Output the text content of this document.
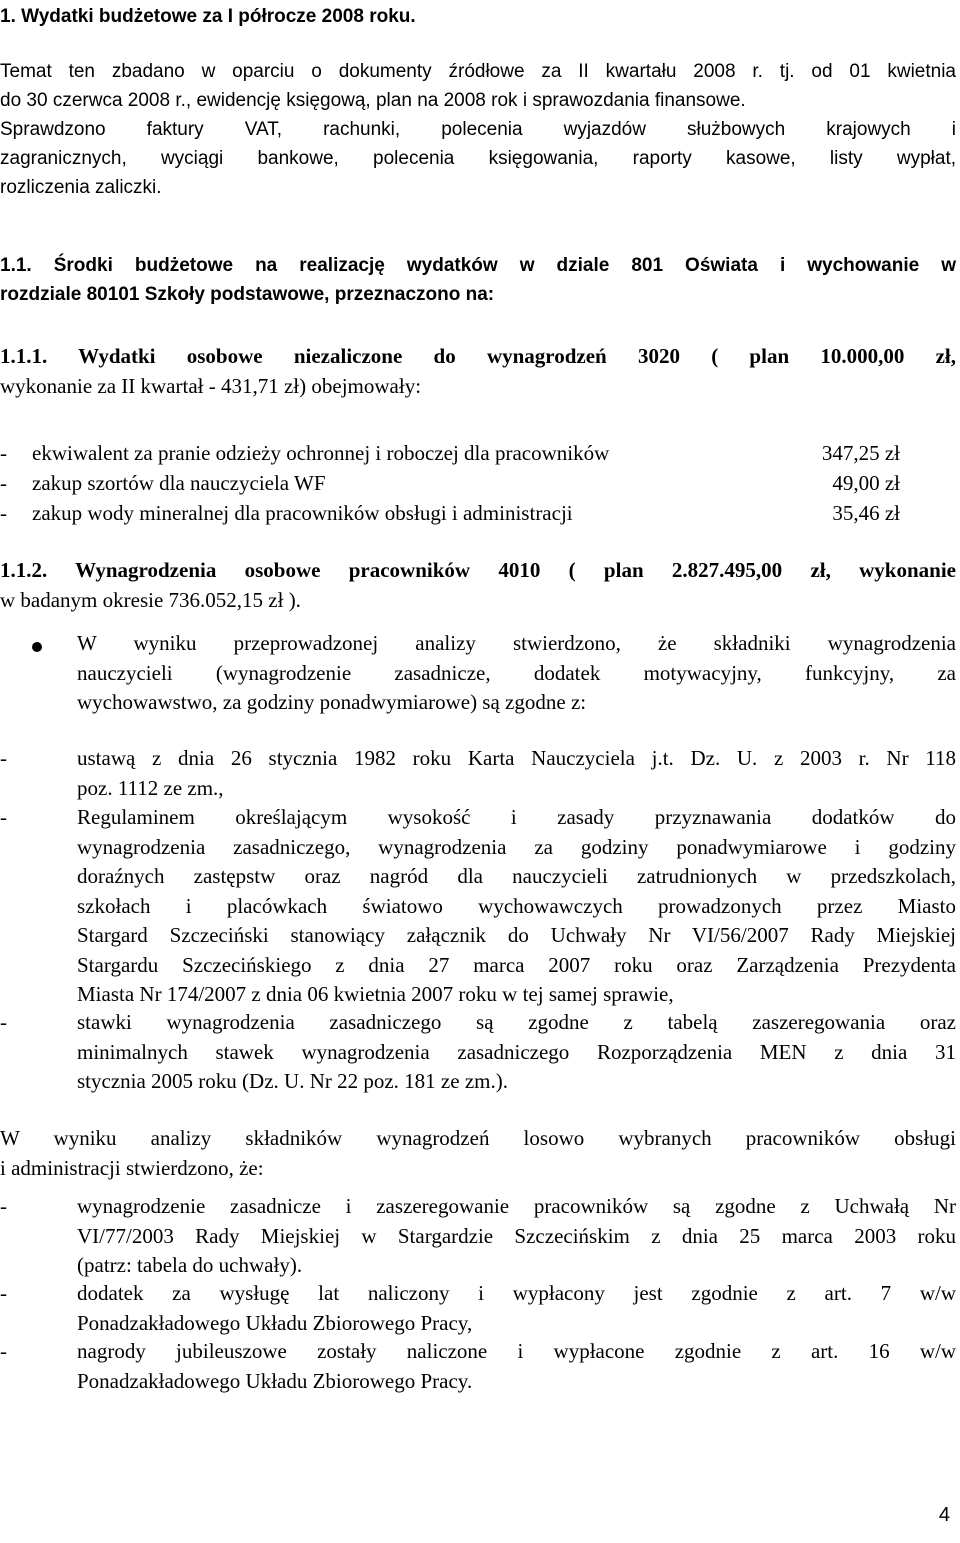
1. Wydatki budżetowe za I półrocze 2008 roku.
Temat ten zbadano w oparciu o dokumenty źródłowe za II kwartału 2008 r. tj. od 01 kwietnia
do 30 czerwca 2008 r., ewidencję księgową, plan na 2008 rok i sprawozdania finansowe.
Sprawdzono faktury VAT, rachunki, polecenia wyjazdów służbowych krajowych i
zagranicznych, wyciągi bankowe, polecenia księgowania, raporty kasowe, listy wypłat,
rozliczenia zaliczki.
1.1. Środki budżetowe na realizację wydatków w dziale 801 Oświata i wychowanie w
rozdziale 80101 Szkoły podstawowe, przeznaczono na:
1.1.1. Wydatki osobowe niezaliczone do wynagrodzeń 3020 ( plan 10.000,00 zł,
wykonanie za II kwartał - 431,71 zł) obejmowały:
- ekwiwalent za pranie odzieży ochronnej i roboczej dla pracowników	347,25 zł
- zakup szortów dla nauczyciela WF	49,00 zł
- zakup wody mineralnej dla pracowników obsługi i administracji	35,46 zł
1.1.2. Wynagrodzenia osobowe pracowników 4010 ( plan 2.827.495,00 zł, wykonanie
w badanym okresie 736.052,15 zł ).
W wyniku przeprowadzonej analizy stwierdzono, że składniki wynagrodzenia
nauczycieli (wynagrodzenie zasadnicze, dodatek motywacyjny, funkcyjny, za
wychowawstwo, za godziny ponadwymiarowe) są zgodne z:
-	ustawą z dnia 26 stycznia 1982 roku Karta Nauczyciela j.t. Dz. U. z 2003 r. Nr 118
poz. 1112 ze zm.,
-	Regulaminem określającym wysokość i zasady przyznawania dodatków do
wynagrodzenia zasadniczego, wynagrodzenia za godziny ponadwymiarowe i godziny
doraźnych zastępstw oraz nagród dla nauczycieli zatrudnionych w przedszkolach,
szkołach i placówkach światowo wychowawczych prowadzonych przez Miasto
Stargard Szczeciński stanowiący załącznik do Uchwały Nr VI/56/2007 Rady Miejskiej
Stargardu Szczecińskiego z dnia 27 marca 2007 roku oraz Zarządzenia Prezydenta
Miasta Nr 174/2007 z dnia 06 kwietnia 2007 roku w tej samej sprawie,
-	stawki wynagrodzenia zasadniczego są zgodne z tabelą zaszeregowania oraz
minimalnych stawek wynagrodzenia zasadniczego Rozporządzenia MEN z dnia 31
stycznia 2005 roku (Dz. U. Nr 22 poz. 181 ze zm.).
W wyniku analizy składników wynagrodzeń losowo wybranych pracowników obsługi
i administracji stwierdzono, że:
-	wynagrodzenie zasadnicze i zaszeregowanie pracowników są zgodne z Uchwałą Nr
VI/77/2003 Rady Miejskiej w Stargardzie Szczecińskim z dnia 25 marca 2003 roku
(patrz: tabela do uchwały).
-	dodatek za wysługę lat naliczony i wypłacony jest zgodnie z art. 7 w/w
Ponadzakładowego Układu Zbiorowego Pracy,
-	nagrody jubileuszowe zostały naliczone i wypłacone zgodnie z art. 16 w/w
Ponadzakładowego Układu Zbiorowego Pracy.
4
